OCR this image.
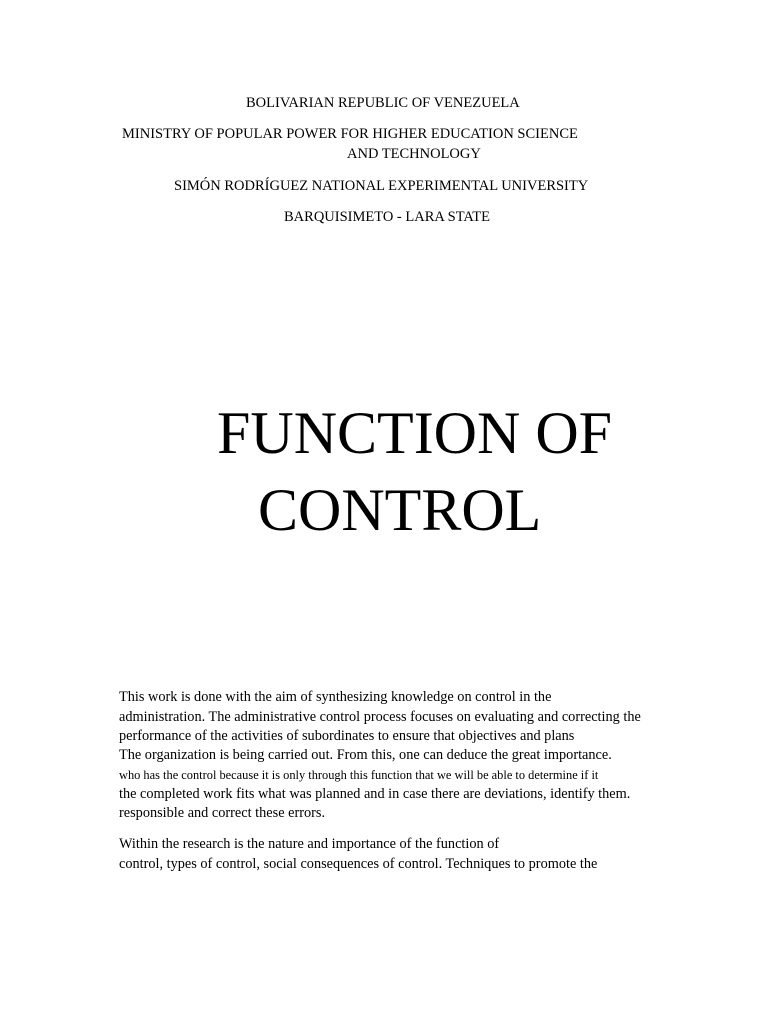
BOLIVARIAN REPUBLIC OF VENEZUELA

MINISTRY OF POPULAR POWER FOR HIGHER EDUCATION SCIENCE

AND TECHNOLOGY

SIMÓN RODRÍGUEZ NATIONAL EXPERIMENTAL UNIVERSITY

BARQUISIMETO - LARA STATE

FUNCTION OF
CONTROL

This work is done with the aim of synthesizing knowledge on control in the

administration. The administrative control process focuses on evaluating and correcting the

performance of the activities of subordinates to ensure that objectives and plans

The organization is being carried out. From this, one can deduce the great importance.

who has the control because it is only through this function that we will be able to determine if it

the completed work fits what was planned and in case there are deviations, identify them.

responsible and correct these errors.

Within the research is the nature and importance of the function of

control, types of control, social consequences of control. Techniques to promote the
